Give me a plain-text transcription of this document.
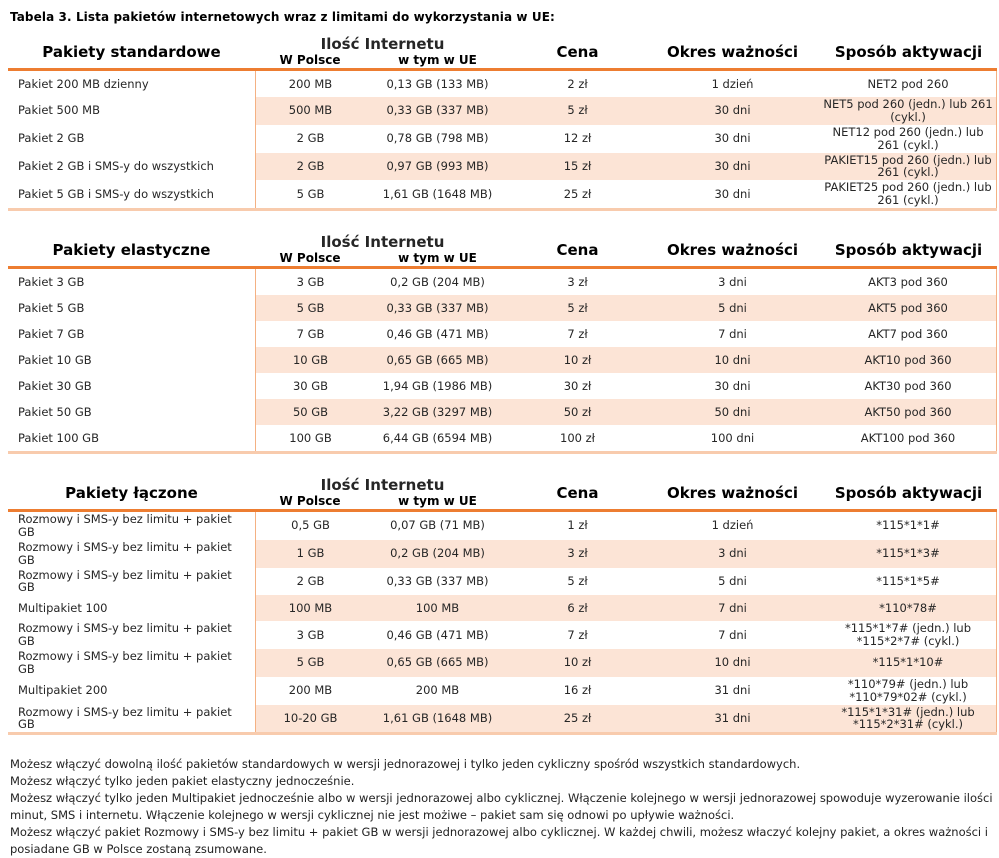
Tabela 3. Lista pakietów internetowych wraz z limitami do wykorzystania w UE:
Pakiety standardowe	Ilość Internetu
W Polsce	w tym w UE	Cena	Okres ważności	Sposób aktywacji
Pakiet 200 MB dzienny	200 MB	0,13 GB (133 MB)	2 zł	1 dzień	NET2 pod 260
Pakiet 500 MB	500 MB	0,33 GB (337 MB)	5 zł	30 dni	NET5 pod 260 (jedn.) lub 261 (cykl.)
Pakiet 2 GB	2 GB	0,78 GB (798 MB)	12 zł	30 dni	NET12 pod 260 (jedn.) lub 261 (cykl.)
Pakiet 2 GB i SMS-y do wszystkich	2 GB	0,97 GB (993 MB)	15 zł	30 dni	PAKIET15 pod 260 (jedn.) lub 261 (cykl.)
Pakiet 5 GB i SMS-y do wszystkich	5 GB	1,61 GB (1648 MB)	25 zł	30 dni	PAKIET25 pod 260 (jedn.) lub 261 (cykl.)
Pakiety elastyczne	Ilość Internetu
W Polsce	w tym w UE	Cena	Okres ważności	Sposób aktywacji
Pakiet 3 GB	3 GB	0,2 GB (204 MB)	3 zł	3 dni	AKT3 pod 360
Pakiet 5 GB	5 GB	0,33 GB (337 MB)	5 zł	5 dni	AKT5 pod 360
Pakiet 7 GB	7 GB	0,46 GB (471 MB)	7 zł	7 dni	AKT7 pod 360
Pakiet 10 GB	10 GB	0,65 GB (665 MB)	10 zł	10 dni	AKT10 pod 360
Pakiet 30 GB	30 GB	1,94 GB (1986 MB)	30 zł	30 dni	AKT30 pod 360
Pakiet 50 GB	50 GB	3,22 GB (3297 MB)	50 zł	50 dni	AKT50 pod 360
Pakiet 100 GB	100 GB	6,44 GB (6594 MB)	100 zł	100 dni	AKT100 pod 360
Pakiety łączone	Ilość Internetu
W Polsce	w tym w UE	Cena	Okres ważności	Sposób aktywacji
Rozmowy i SMS-y bez limitu + pakiet GB	0,5 GB	0,07 GB (71 MB)	1 zł	1 dzień	*115*1*1#
Rozmowy i SMS-y bez limitu + pakiet GB	1 GB	0,2 GB (204 MB)	3 zł	3 dni	*115*1*3#
Rozmowy i SMS-y bez limitu + pakiet GB	2 GB	0,33 GB (337 MB)	5 zł	5 dni	*115*1*5#
Multipakiet 100	100 MB	100 MB	6 zł	7 dni	*110*78#
Rozmowy i SMS-y bez limitu + pakiet GB	3 GB	0,46 GB (471 MB)	7 zł	7 dni	*115*1*7# (jedn.) lub *115*2*7# (cykl.)
Rozmowy i SMS-y bez limitu + pakiet GB	5 GB	0,65 GB (665 MB)	10 zł	10 dni	*115*1*10#
Multipakiet 200	200 MB	200 MB	16 zł	31 dni	*110*79# (jedn.) lub *110*79*02# (cykl.)
Rozmowy i SMS-y bez limitu + pakiet GB	10-20 GB	1,61 GB (1648 MB)	25 zł	31 dni	*115*1*31# (jedn.) lub *115*2*31# (cykl.)

Możesz włączyć dowolną ilość pakietów standardowych w wersji jednorazowej i tylko jeden cykliczny spośród wszystkich standardowych.

Możesz włączyć tylko jeden pakiet elastyczny jednocześnie.

Możesz włączyć tylko jeden Multipakiet jednocześnie albo w wersji jednorazowej albo cyklicznej. Włączenie kolejnego w wersji jednorazowej spowoduje wyzerowanie ilości minut, SMS i internetu. Włączenie kolejnego w wersji cyklicznej nie jest możiwe – pakiet sam się odnowi po upływie ważności.

Możesz włączyć pakiet Rozmowy i SMS-y bez limitu + pakiet GB w wersji jednorazowej albo cyklicznej. W każdej chwili, możesz właczyć kolejny pakiet, a okres ważności i posiadane GB w Polsce zostaną zsumowane.
